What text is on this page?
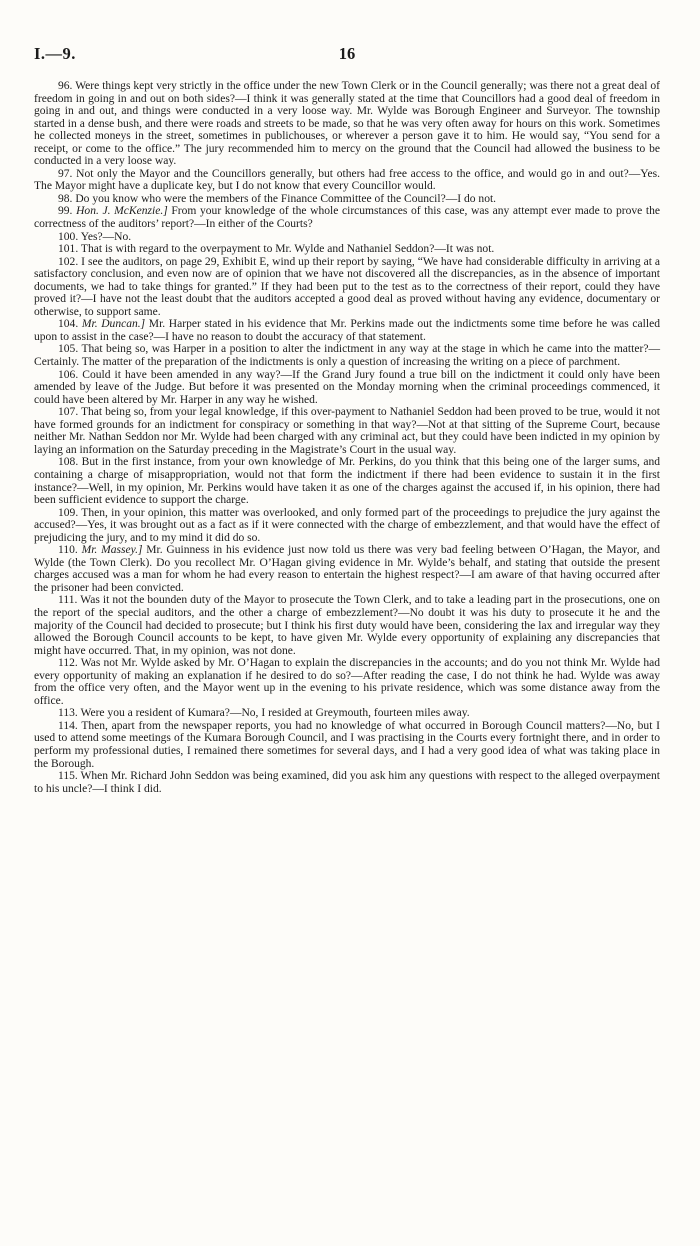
I.—9.	16

96. Were things kept very strictly in the office under the new Town Clerk or in the Council generally; was there not a great deal of freedom in going in and out on both sides?—I think it was generally stated at the time that Councillors had a good deal of freedom in going in and out, and things were conducted in a very loose way. Mr. Wylde was Borough Engineer and Surveyor. The township started in a dense bush, and there were roads and streets to be made, so that he was very often away for hours on this work. Sometimes he collected moneys in the street, sometimes in publichouses, or wherever a person gave it to him. He would say, “You send for a receipt, or come to the office.” The jury recommended him to mercy on the ground that the Council had allowed the business to be conducted in a very loose way.

97. Not only the Mayor and the Councillors generally, but others had free access to the office, and would go in and out?—Yes. The Mayor might have a duplicate key, but I do not know that every Councillor would.

98. Do you know who were the members of the Finance Committee of the Council?—I do not.

99. Hon. J. McKenzie.] From your knowledge of the whole circumstances of this case, was any attempt ever made to prove the correctness of the auditors’ report?—In either of the Courts?

100. Yes?—No.

101. That is with regard to the overpayment to Mr. Wylde and Nathaniel Seddon?—It was not.

102. I see the auditors, on page 29, Exhibit E, wind up their report by saying, “We have had considerable difficulty in arriving at a satisfactory conclusion, and even now are of opinion that we have not discovered all the discrepancies, as in the absence of important documents, we had to take things for granted.” If they had been put to the test as to the correctness of their report, could they have proved it?—I have not the least doubt that the auditors accepted a good deal as proved without having any evidence, documentary or otherwise, to support same.

104. Mr. Duncan.] Mr. Harper stated in his evidence that Mr. Perkins made out the indictments some time before he was called upon to assist in the case?—I have no reason to doubt the accuracy of that statement.

105. That being so, was Harper in a position to alter the indictment in any way at the stage in which he came into the matter?—Certainly. The matter of the preparation of the indictments is only a question of increasing the writing on a piece of parchment.

106. Could it have been amended in any way?—If the Grand Jury found a true bill on the indictment it could only have been amended by leave of the Judge. But before it was presented on the Monday morning when the criminal proceedings commenced, it could have been altered by Mr. Harper in any way he wished.

107. That being so, from your legal knowledge, if this over-payment to Nathaniel Seddon had been proved to be true, would it not have formed grounds for an indictment for conspiracy or something in that way?—Not at that sitting of the Supreme Court, because neither Mr. Nathan Seddon nor Mr. Wylde had been charged with any criminal act, but they could have been indicted in my opinion by laying an information on the Saturday preceding in the Magistrate’s Court in the usual way.

108. But in the first instance, from your own knowledge of Mr. Perkins, do you think that this being one of the larger sums, and containing a charge of misappropriation, would not that form the indictment if there had been evidence to sustain it in the first instance?—Well, in my opinion, Mr. Perkins would have taken it as one of the charges against the accused if, in his opinion, there had been sufficient evidence to support the charge.

109. Then, in your opinion, this matter was overlooked, and only formed part of the proceedings to prejudice the jury against the accused?—Yes, it was brought out as a fact as if it were connected with the charge of embezzlement, and that would have the effect of prejudicing the jury, and to my mind it did do so.

110. Mr. Massey.] Mr. Guinness in his evidence just now told us there was very bad feeling between O’Hagan, the Mayor, and Wylde (the Town Clerk). Do you recollect Mr. O’Hagan giving evidence in Mr. Wylde’s behalf, and stating that outside the present charges accused was a man for whom he had every reason to entertain the highest respect?—I am aware of that having occurred after the prisoner had been convicted.

111. Was it not the bounden duty of the Mayor to prosecute the Town Clerk, and to take a leading part in the prosecutions, one on the report of the special auditors, and the other a charge of embezzlement?—No doubt it was his duty to prosecute it he and the majority of the Council had decided to prosecute; but I think his first duty would have been, considering the lax and irregular way they allowed the Borough Council accounts to be kept, to have given Mr. Wylde every opportunity of explaining any discrepancies that might have occurred. That, in my opinion, was not done.

112. Was not Mr. Wylde asked by Mr. O’Hagan to explain the discrepancies in the accounts; and do you not think Mr. Wylde had every opportunity of making an explanation if he desired to do so?—After reading the case, I do not think he had. Wylde was away from the office very often, and the Mayor went up in the evening to his private residence, which was some distance away from the office.

113. Were you a resident of Kumara?—No, I resided at Greymouth, fourteen miles away.

114. Then, apart from the newspaper reports, you had no knowledge of what occurred in Borough Council matters?—No, but I used to attend some meetings of the Kumara Borough Council, and I was practising in the Courts every fortnight there, and in order to perform my professional duties, I remained there sometimes for several days, and I had a very good idea of what was taking place in the Borough.

115. When Mr. Richard John Seddon was being examined, did you ask him any questions with respect to the alleged overpayment to his uncle?—I think I did.
